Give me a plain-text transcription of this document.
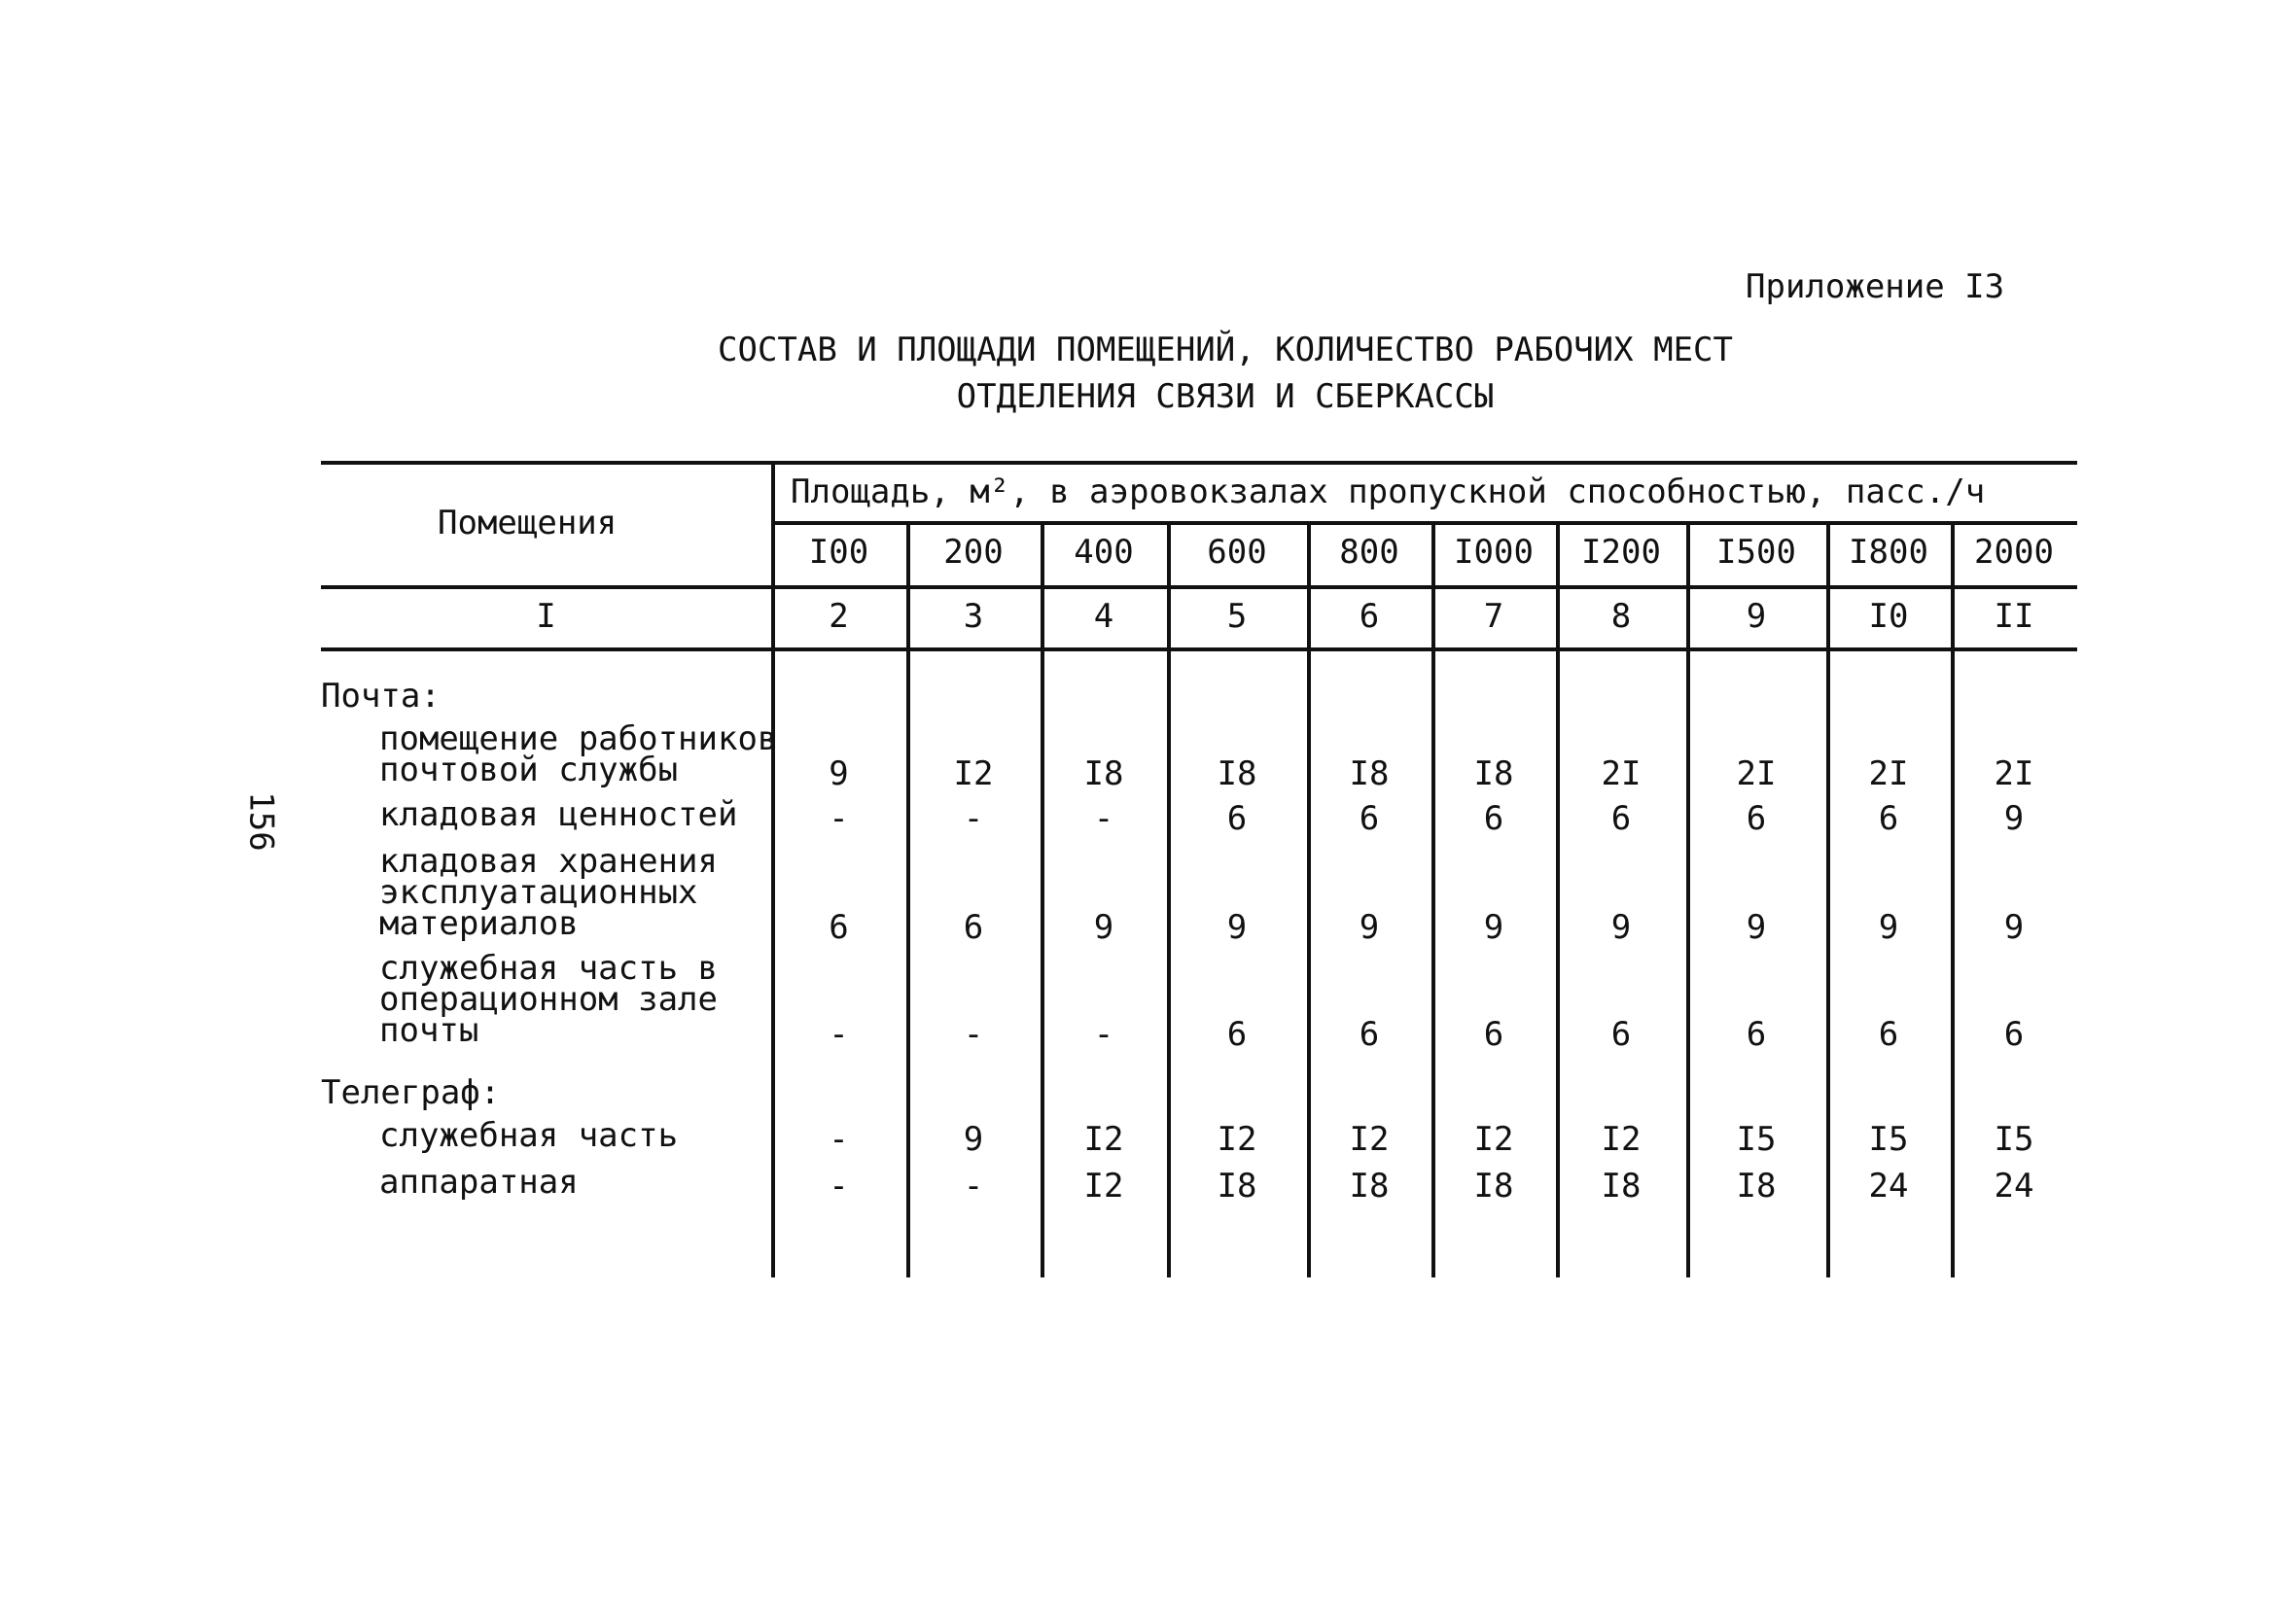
Приложение I3
СОСТАВ И ПЛОЩАДИ ПОМЕЩЕНИЙ, КОЛИЧЕСТВО РАБОЧИХ МЕСТ
ОТДЕЛЕНИЯ СВЯЗИ И СБЕРКАССЫ
156
Помещения
Площадь, м², в аэровокзалах пропускной способностью, пасс./ч
I00	200	400	600	800	I000	I200	I500	I800	2000
I	2	3	4	5	6	7	8	9	I0	II
Почта:
помещение работников
почтовой службы	9	I2	I8	I8	I8	I8	2I	2I	2I	2I
кладовая ценностей	-	-	-	6	6	6	6	6	6	9
кладовая хранения
эксплуатационных
материалов	6	6	9	9	9	9	9	9	9	9
служебная часть в
операционном зале
почты	-	-	-	6	6	6	6	6	6	6
Телеграф:
служебная часть	-	9	I2	I2	I2	I2	I2	I5	I5	I5
аппаратная	-	-	I2	I8	I8	I8	I8	I8	24	24
